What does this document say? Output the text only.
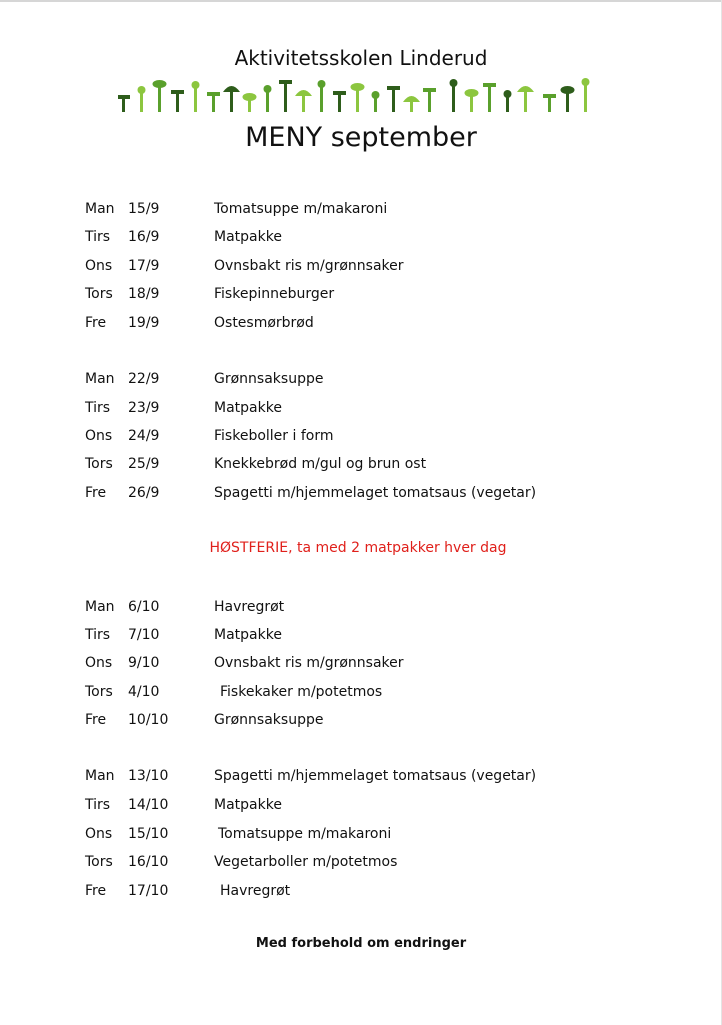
Aktivitetsskolen Linderud
MENY september
Man 15/9	Tomatsuppe m/makaroni
Tirs 16/9	Matpakke
Ons 17/9	Ovnsbakt ris m/grønnsaker
Tors 18/9	Fiskepinneburger
Fre 19/9	Ostesmørbrød
Man 22/9	Grønnsaksuppe
Tirs 23/9	Matpakke
Ons 24/9	Fiskeboller i form
Tors 25/9	Knekkebrød m/gul og brun ost
Fre 26/9	Spagetti m/hjemmelaget tomatsaus (vegetar)
HØSTFERIE, ta med 2 matpakker hver dag
Man 6/10	Havregrøt
Tirs 7/10	Matpakke
Ons 9/10	Ovnsbakt ris m/grønnsaker
Tors 4/10	Fiskekaker m/potetmos
Fre 10/10	Grønnsaksuppe
Man 13/10	Spagetti m/hjemmelaget tomatsaus (vegetar)
Tirs 14/10	Matpakke
Ons 15/10	Tomatsuppe m/makaroni
Tors 16/10	Vegetarboller m/potetmos
Fre 17/10	Havregrøt
Med forbehold om endringer
